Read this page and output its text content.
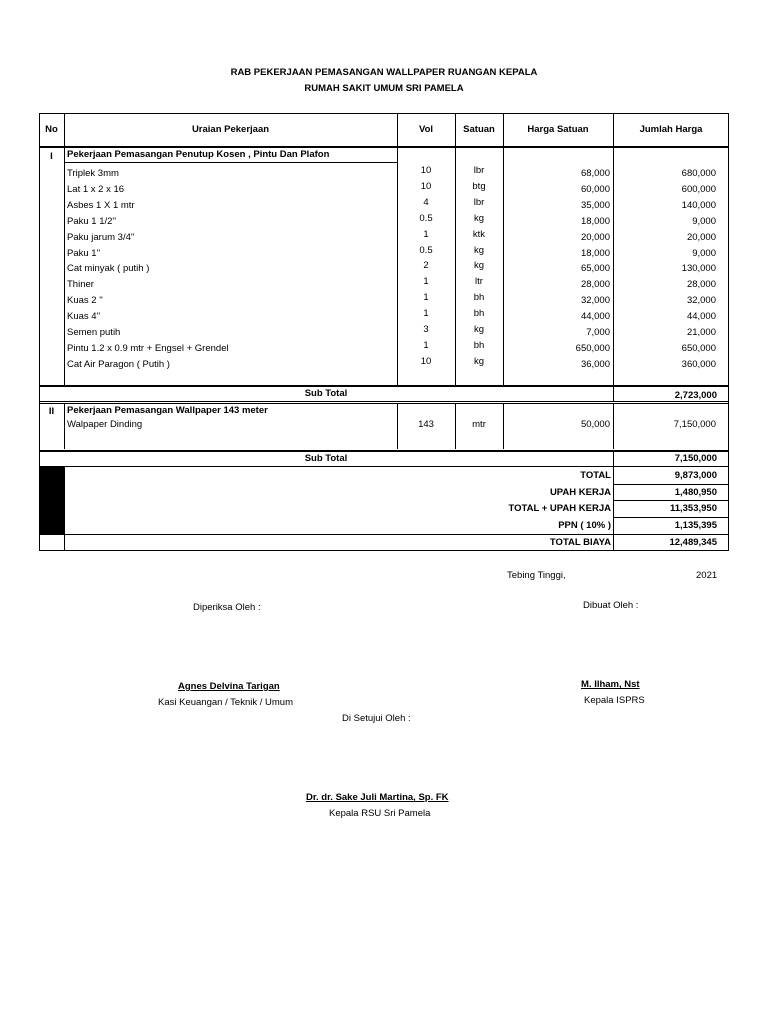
RAB PEKERJAAN PEMASANGAN WALLPAPER RUANGAN KEPALA
RUMAH SAKIT UMUM SRI PAMELA
No	Uraian Pekerjaan	Vol	Satuan	Harga Satuan	Jumlah Harga
I	Pekerjaan Pemasangan Penutup Kosen , Pintu Dan Plafon
Triplek 3mm	10	lbr	68,000	680,000
Lat 1 x 2 x 16	10	btg	60,000	600,000
Asbes 1 X 1 mtr	4	lbr	35,000	140,000
Paku 1 1/2''	0.5	kg	18,000	9,000
Paku jarum 3/4''	1	ktk	20,000	20,000
Paku 1''	0.5	kg	18,000	9,000
Cat minyak ( putih )	2	kg	65,000	130,000
Thiner	1	ltr	28,000	28,000
Kuas 2 ''	1	bh	32,000	32,000
Kuas 4''	1	bh	44,000	44,000
Semen putih	3	kg	7,000	21,000
Pintu 1.2 x 0.9 mtr + Engsel + Grendel	1	bh	650,000	650,000
Cat Air Paragon ( Putih )	10	kg	36,000	360,000
Sub Total	2,723,000
II	Pekerjaan Pemasangan Wallpaper 143 meter
Walpaper Dinding	143	mtr	50,000	7,150,000
Sub Total	7,150,000
TOTAL	9,873,000
UPAH KERJA	1,480,950
TOTAL + UPAH KERJA	11,353,950
PPN ( 10% )	1,135,395
TOTAL BIAYA	12,489,345
Tebing Tinggi,	2021
Diperiksa Oleh :	Dibuat Oleh :
Agnes Delvina Tarigan
Kasi Keuangan / Teknik / Umum
M. Ilham, Nst
Kepala ISPRS
Di Setujui Oleh :
Dr. dr. Sake Juli Martina, Sp. FK
Kepala RSU Sri Pamela
